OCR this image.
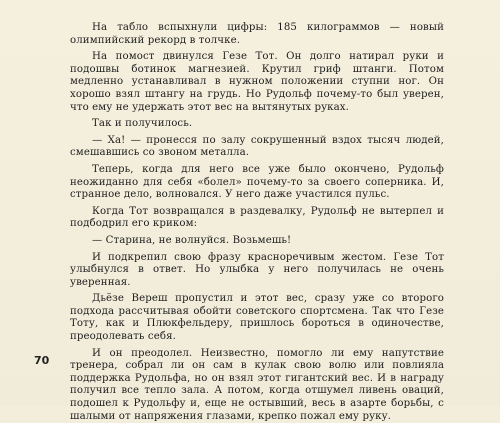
На табло вспыхнули цифры: 185 килограммов — новый олимпийский рекорд в толчке.

На помост двинулся Гезе Тот. Он долго натирал руки и подошвы ботинок магнезией. Крутил гриф штанги. Потом медленно устанавливал в нужном положении ступни ног. Он хорошо взял штангу на грудь. Но Рудольф почему-то был уверен, что ему не удержать этот вес на вытянутых руках.

Так и получилось.

— Ха! — пронесся по залу сокрушенный вздох тысяч людей, смешавшись со звоном металла.

Теперь, когда для него все уже было окончено, Рудольф неожиданно для себя «болел» почему-то за своего соперника. И, странное дело, волновался. У него даже участился пульс.

Когда Тот возвращался в раздевалку, Рудольф не вытерпел и подбодрил его криком:

— Старина, не волнуйся. Возьмешь!

И подкрепил свою фразу красноречивым жестом. Гезе Тот улыбнулся в ответ. Но улыбка у него получилась не очень уверенная.

Дьёзе Вереш пропустил и этот вес, сразу уже со второго подхода рассчитывая обойти советского спортсмена. Так что Гезе Тоту, как и Плюкфельдеру, пришлось бороться в одиночестве, преодолевать себя.

И он преодолел. Неизвестно, помогло ли ему напутствие тренера, собрал ли он сам в кулак свою волю или повлияла поддержка Рудольфа, но он взял этот гигантский вес. И в награду получил все тепло зала. А потом, когда отшумел ливень оваций, подошел к Рудольфу и, еще не остывший, весь в азарте борьбы, с шалыми от напряжения глазами, крепко пожал ему руку.

70
